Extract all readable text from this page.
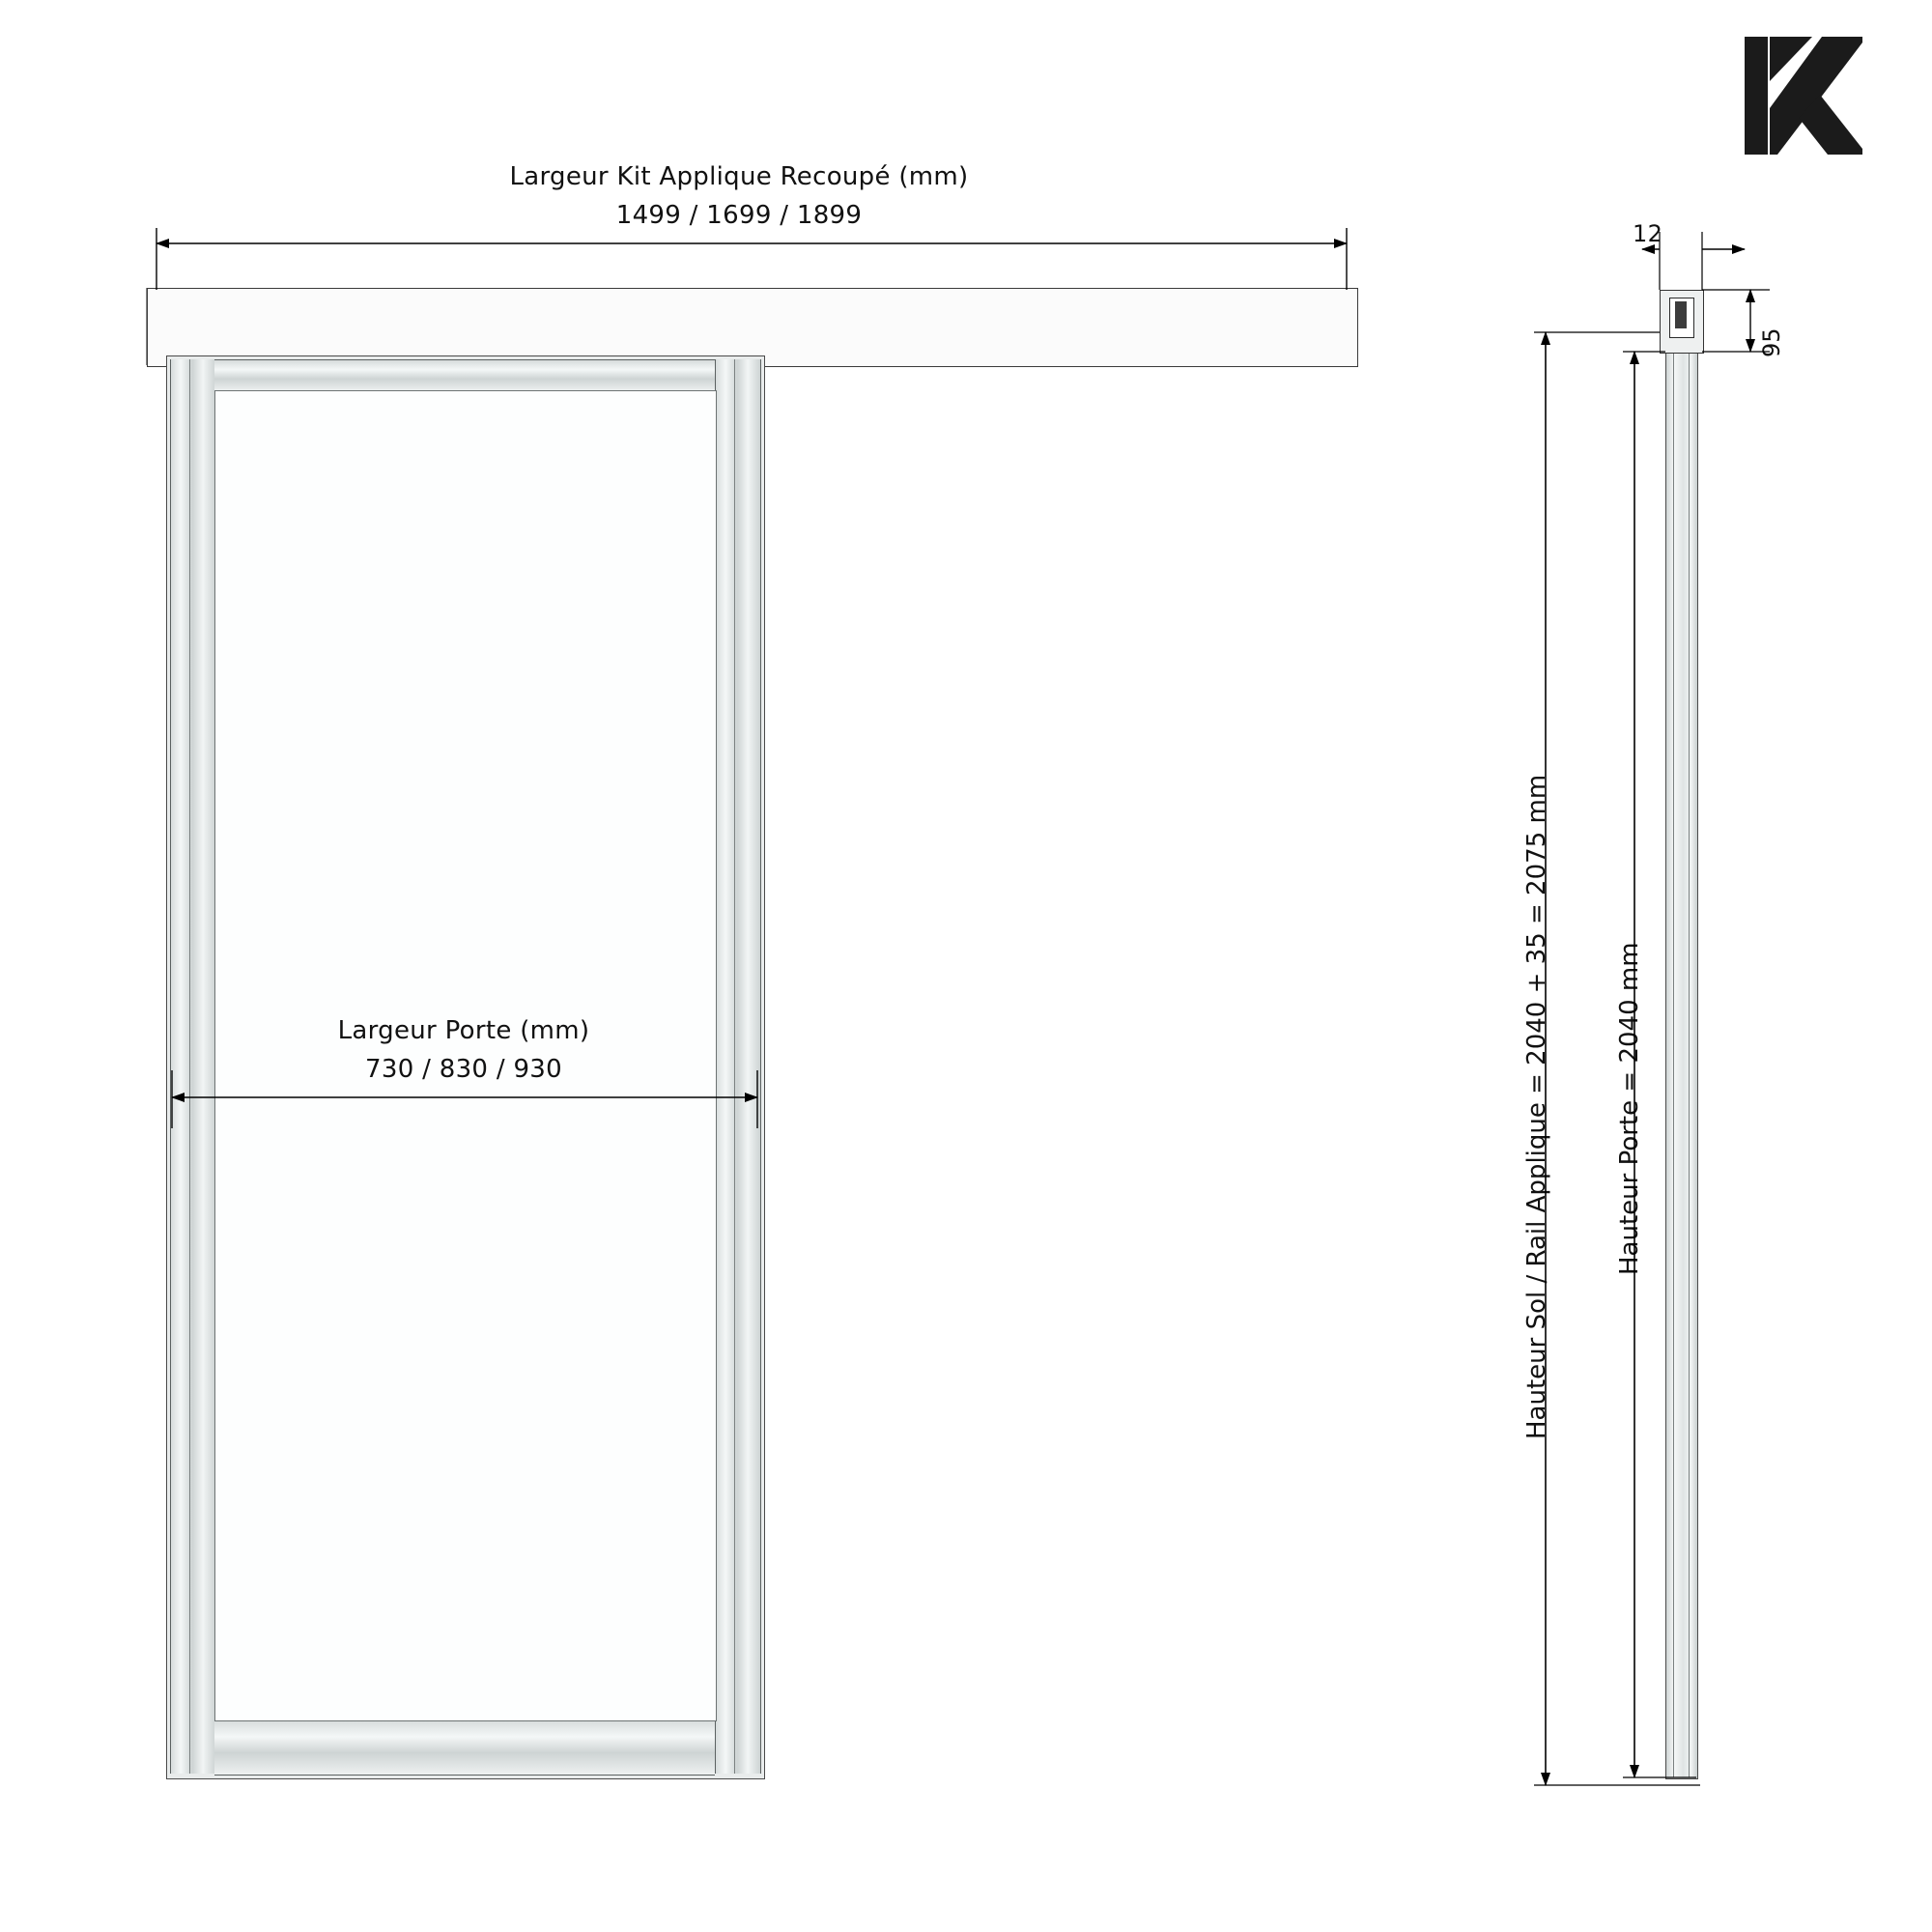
Largeur Kit Applique Recoupé (mm)
1499 / 1699 / 1899
Largeur Porte (mm)
730 / 830 / 930
12
95
Hauteur Sol / Rail Applique = 2040 + 35 = 2075 mm	Hauteur Porte = 2040 mm
